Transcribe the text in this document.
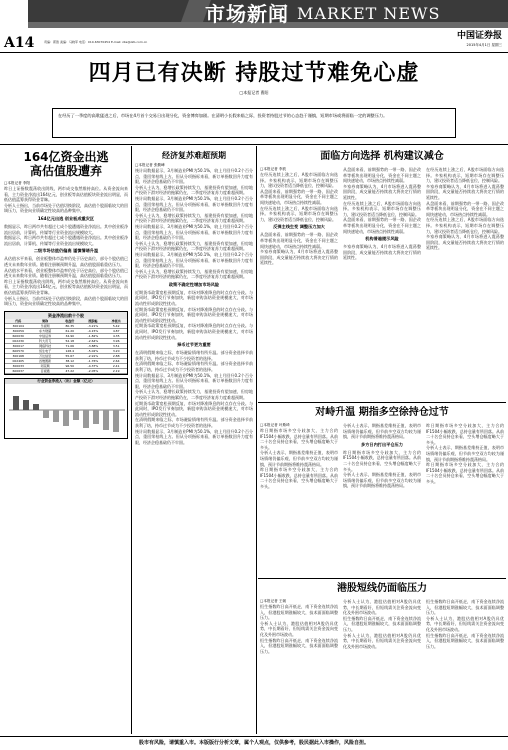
市场新闻 MARKET NEWS
A14	责编：郭胜 美编：马晓军 电话：010-63070454 E-mail: zbs@zzb.com.cn
中国证券报
2015年4月1日 星期三
四月已有决断 持股过节难免心虚
□本报记者 曹阳
在经历了一季度的高歌猛进之后，市场在4月首个交易日出现分化，资金博弈加剧。在清明小长假来临之际，投资者持股过节的心态趋于谨慎，短期市场或将面临一定的调整压力。
164亿资金出逃
高估值股遭弃
□本报记者 李阳

昨日上证指数震荡收出阴线，两市成交依然维持高位。从资金流向来看，主力资金净流出164亿元，创业板等高估值板块资金流出明显，而低估值蓝筹获得资金青睐。

分析人士指出，当前市场处于估值切换阶段，高估值个股面临较大的回调压力，资金向业绩确定性较高的品种集中。

164亿元出逃 创业板成重灾区

数据显示，昨日两市共有超过七成个股遭遇资金净流出。其中创业板净流出居前，计算机、传媒等行业资金流出规模较大。

数据显示，昨日两市共有超过七成个股遭遇资金净流出。其中创业板净流出居前，计算机、传媒等行业资金流出规模较大。

二级市场估值仍偏高 谨慎情绪升温

从估值水平来看，创业板整体市盈率仍处于历史高位，部分个股估值已透支未来数年业绩。随着注册制预期升温，高估值股面临重估压力。

从估值水平来看，创业板整体市盈率仍处于历史高位，部分个股估值已透支未来数年业绩。随着注册制预期升温，高估值股面临重估压力。

昨日上证指数震荡收出阴线，两市成交依然维持高位。从资金流向来看，主力资金净流出164亿元，创业板等高估值板块资金流出明显，而低估值蓝筹获得资金青睐。

分析人士指出，当前市场处于估值切换阶段，高估值个股面临较大的回调压力，资金向业绩确定性较高的品种集中。

资金净流出前十个股
代码	简称	收盘价	涨跌幅	净流出
300104	乐视网	80.35	-3.21%	5.42
300059	东方财富	61.20	-4.15%	4.87
600030	中信证券	34.90	-1.82%	4.35
002230	科大讯飞	52.18	-2.64%	3.96
300017	网宿科技	71.06	-3.88%	3.51
600570	恒生电子	128.4	-5.02%	3.20
300168	万达信息	55.67	-2.91%	2.88
002405	四维图新	38.12	-1.76%	2.64
300033	同花顺	96.50	-4.37%	2.41
600637	百视通	47.22	-2.05%	2.19
行业资金净流入（出）金额（亿元）
经济复苏难超预期
□本报记者 张勤峰

统计局数据显示，3月制造业PMI为50.1%，较上月回升0.2个百分点，重回荣枯线上方。但从分项指标来看，新订单指数回升力度有限，经济企稳基础仍不牢固。

分析人士认为，稳增长政策持续发力，基建投资有望加速，但房地产投资下滑对经济的拖累仍在，二季度经济复苏力度难超预期。

统计局数据显示，3月制造业PMI为50.1%，较上月回升0.2个百分点，重回荣枯线上方。但从分项指标来看，新订单指数回升力度有限，经济企稳基础仍不牢固。

分析人士认为，稳增长政策持续发力，基建投资有望加速，但房地产投资下滑对经济的拖累仍在，二季度经济复苏力度难超预期。

统计局数据显示，3月制造业PMI为50.1%，较上月回升0.2个百分点，重回荣枯线上方。但从分项指标来看，新订单指数回升力度有限，经济企稳基础仍不牢固。

分析人士认为，稳增长政策持续发力，基建投资有望加速，但房地产投资下滑对经济的拖累仍在，二季度经济复苏力度难超预期。

统计局数据显示，3月制造业PMI为50.1%，较上月回升0.2个百分点，重回荣枯线上方。但从分项指标来看，新订单指数回升力度有限，经济企稳基础仍不牢固。

分析人士认为，稳增长政策持续发力，基建投资有望加速，但房地产投资下滑对经济的拖累仍在，二季度经济复苏力度难超预期。

政策不确定性增加市场风险

近期货币政策宽松预期反复，市场对降准降息的时点存在分歧。与此同时，IPO发行节奏加快，新股申购冻结资金规模庞大，对市场流动性形成阶段性扰动。

近期货币政策宽松预期反复，市场对降准降息的时点存在分歧。与此同时，IPO发行节奏加快，新股申购冻结资金规模庞大，对市场流动性形成阶段性扰动。

近期货币政策宽松预期反复，市场对降准降息的时点存在分歧。与此同时，IPO发行节奏加快，新股申购冻结资金规模庞大，对市场流动性形成阶段性扰动。

择币过节更为重要

在清明假期来临之际，市场避险情绪有所升温。部分资金选择节前获利了结，持币过节成为不少投资者的选择。

在清明假期来临之际，市场避险情绪有所升温。部分资金选择节前获利了结，持币过节成为不少投资者的选择。

统计局数据显示，3月制造业PMI为50.1%，较上月回升0.2个百分点，重回荣枯线上方。但从分项指标来看，新订单指数回升力度有限，经济企稳基础仍不牢固。

分析人士认为，稳增长政策持续发力，基建投资有望加速，但房地产投资下滑对经济的拖累仍在，二季度经济复苏力度难超预期。

近期货币政策宽松预期反复，市场对降准降息的时点存在分歧。与此同时，IPO发行节奏加快，新股申购冻结资金规模庞大，对市场流动性形成阶段性扰动。

在清明假期来临之际，市场避险情绪有所升温。部分资金选择节前获利了结，持币过节成为不少投资者的选择。

统计局数据显示，3月制造业PMI为50.1%，较上月回升0.2个百分点，重回荣枯线上方。但从分项指标来看，新订单指数回升力度有限，经济企稳基础仍不牢固。

面临方向选择 机构建议减仓
□本报记者 李波

在经历连续上涨之后，A股市场面临方向选择。多家机构表示，短期市场存在调整压力，建议投资者适当降低仓位，控制风险。

从盘面来看，前期强势的一带一路、国企改革等板块出现明显分化，资金在不同主题之间快速轮动，市场热点持续性减弱。

在经历连续上涨之后，A股市场面临方向选择。多家机构表示，短期市场存在调整压力，建议投资者适当降低仓位，控制风险。

反弹主线生变 调整压力加大

从盘面来看，前期强势的一带一路、国企改革等板块出现明显分化，资金在不同主题之间快速轮动，市场热点持续性减弱。

多家券商策略认为，4月市场将进入震荡整固阶段，成交量能否持续放大将决定行情的延续性。

从盘面来看，前期强势的一带一路、国企改革等板块出现明显分化，资金在不同主题之间快速轮动，市场热点持续性减弱。

多家券商策略认为，4月市场将进入震荡整固阶段，成交量能否持续放大将决定行情的延续性。

在经历连续上涨之后，A股市场面临方向选择。多家机构表示，短期市场存在调整压力，建议投资者适当降低仓位，控制风险。

从盘面来看，前期强势的一带一路、国企改革等板块出现明显分化，资金在不同主题之间快速轮动，市场热点持续性减弱。

机构普遍提示风险

多家券商策略认为，4月市场将进入震荡整固阶段，成交量能否持续放大将决定行情的延续性。

在经历连续上涨之后，A股市场面临方向选择。多家机构表示，短期市场存在调整压力，建议投资者适当降低仓位，控制风险。

多家券商策略认为，4月市场将进入震荡整固阶段，成交量能否持续放大将决定行情的延续性。

从盘面来看，前期强势的一带一路、国企改革等板块出现明显分化，资金在不同主题之间快速轮动，市场热点持续性减弱。

在经历连续上涨之后，A股市场面临方向选择。多家机构表示，短期市场存在调整压力，建议投资者适当降低仓位，控制风险。

多家券商策略认为，4月市场将进入震荡整固阶段，成交量能否持续放大将决定行情的延续性。

对峙升温 期指多空徐持仓过节
□本报记者 叶斯琦

昨日期指市场多空分歧加大，主力合约IF1504小幅收跌，总持仓量有所回落。从前二十名会员持仓来看，空头增仓幅度略大于多头。

分析人士表示，期指基差维持正值，表明市场情绪仍偏乐观，但节前多空双方均较为谨慎，预计节前期指将维持震荡格局。

昨日期指市场多空分歧加大，主力合约IF1504小幅收跌，总持仓量有所回落。从前二十名会员持仓来看，空头增仓幅度略大于多头。

分析人士表示，期指基差维持正值，表明市场情绪仍偏乐观，但节前多空双方均较为谨慎，预计节前期指将维持震荡格局。

多方日内打出平仓压力

昨日期指市场多空分歧加大，主力合约IF1504小幅收跌，总持仓量有所回落。从前二十名会员持仓来看，空头增仓幅度略大于多头。

分析人士表示，期指基差维持正值，表明市场情绪仍偏乐观，但节前多空双方均较为谨慎，预计节前期指将维持震荡格局。

昨日期指市场多空分歧加大，主力合约IF1504小幅收跌，总持仓量有所回落。从前二十名会员持仓来看，空头增仓幅度略大于多头。

分析人士表示，期指基差维持正值，表明市场情绪仍偏乐观，但节前多空双方均较为谨慎，预计节前期指将维持震荡格局。

昨日期指市场多空分歧加大，主力合约IF1504小幅收跌，总持仓量有所回落。从前二十名会员持仓来看，空头增仓幅度略大于多头。

港股短线仍面临压力
□本报记者 王朝

恒生指数昨日高开低走，南下资金连续净流入，但港股短期涨幅较大，技术面面临调整压力。

分析人士认为，港股估值相对A股仍具优势，中长期看好，但短线需关注资金流向变化及外围市场波动。

恒生指数昨日高开低走，南下资金连续净流入，但港股短期涨幅较大，技术面面临调整压力。

分析人士认为，港股估值相对A股仍具优势，中长期看好，但短线需关注资金流向变化及外围市场波动。

恒生指数昨日高开低走，南下资金连续净流入，但港股短期涨幅较大，技术面面临调整压力。

分析人士认为，港股估值相对A股仍具优势，中长期看好，但短线需关注资金流向变化及外围市场波动。

恒生指数昨日高开低走，南下资金连续净流入，但港股短期涨幅较大，技术面面临调整压力。

分析人士认为，港股估值相对A股仍具优势，中长期看好，但短线需关注资金流向变化及外围市场波动。

恒生指数昨日高开低走，南下资金连续净流入，但港股短期涨幅较大，技术面面临调整压力。

股市有风险，请慎重入市。本版版行分析文章，属个人观点，仅供参考，股民据此入市操作，风险自担。
